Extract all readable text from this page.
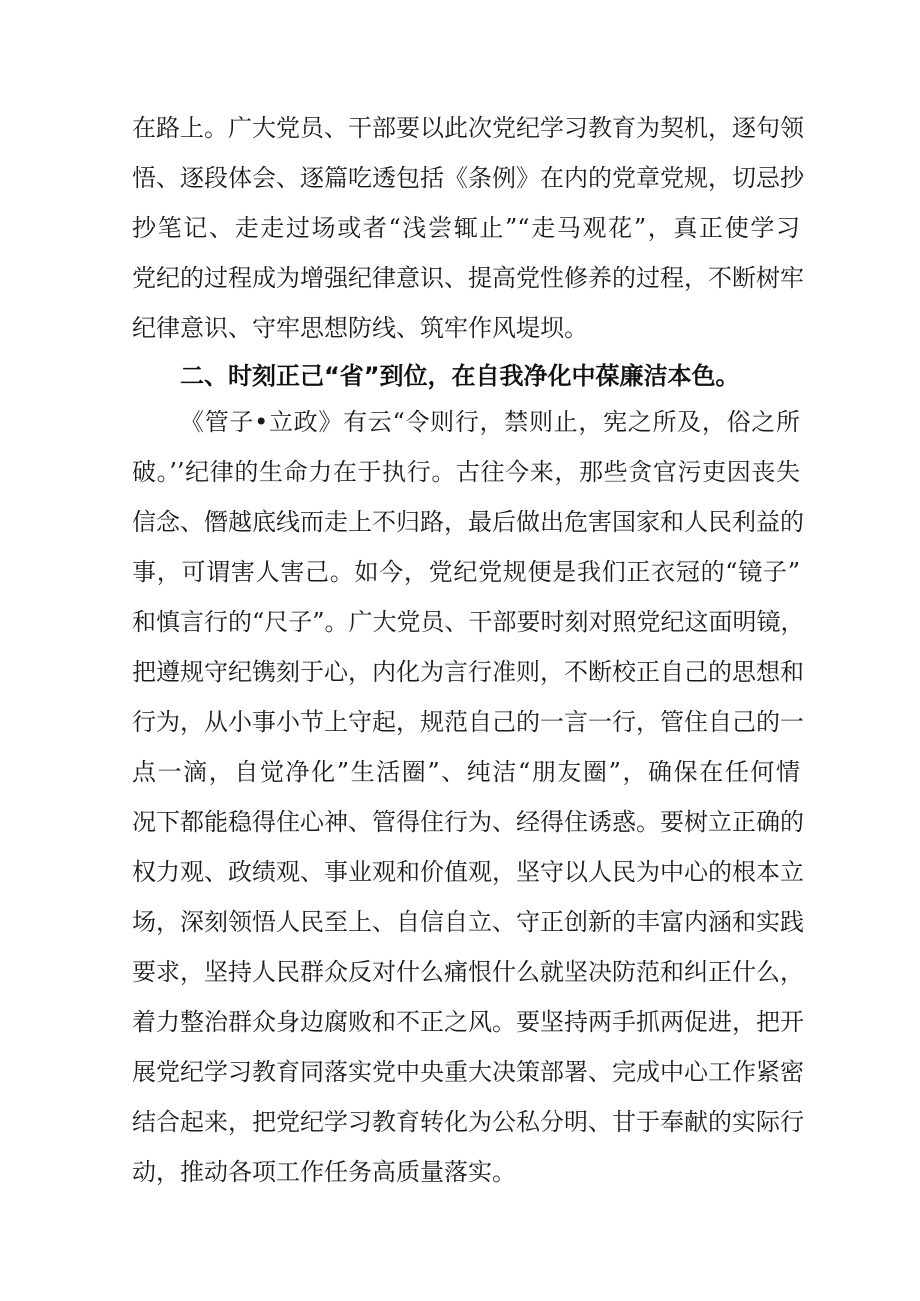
在路上。广大党员、干部要以此次党纪学习教育为契机，逐句领
悟、逐段体会、逐篇吃透包括《条例》在内的党章党规，切忌抄
抄笔记、走走过场或者“浅尝辄止”“走马观花”，真正使学习
党纪的过程成为增强纪律意识、提高党性修养的过程，不断树牢
纪律意识、守牢思想防线、筑牢作风堤坝。
二、时刻正己“省”到位，在自我净化中葆廉洁本色。
《管子•立政》有云“令则行，禁则止，宪之所及，俗之所
破。’’纪律的生命力在于执行。古往今来，那些贪官污吏因丧失
信念、僭越底线而走上不归路，最后做出危害国家和人民利益的
事，可谓害人害己。如今，党纪党规便是我们正衣冠的“镜子”
和慎言行的“尺子”。广大党员、干部要时刻对照党纪这面明镜，
把遵规守纪镌刻于心，内化为言行准则，不断校正自己的思想和
行为，从小事小节上守起，规范自己的一言一行，管住自己的一
点一滴，自觉净化”生活圈”、纯洁“朋友圈”，确保在任何情
况下都能稳得住心神、管得住行为、经得住诱惑。要树立正确的
权力观、政绩观、事业观和价值观，坚守以人民为中心的根本立
场，深刻领悟人民至上、自信自立、守正创新的丰富内涵和实践
要求，坚持人民群众反对什么痛恨什么就坚决防范和纠正什么，
着力整治群众身边腐败和不正之风。要坚持两手抓两促进，把开
展党纪学习教育同落实党中央重大决策部署、完成中心工作紧密
结合起来，把党纪学习教育转化为公私分明、甘于奉献的实际行
动，推动各项工作任务高质量落实。
